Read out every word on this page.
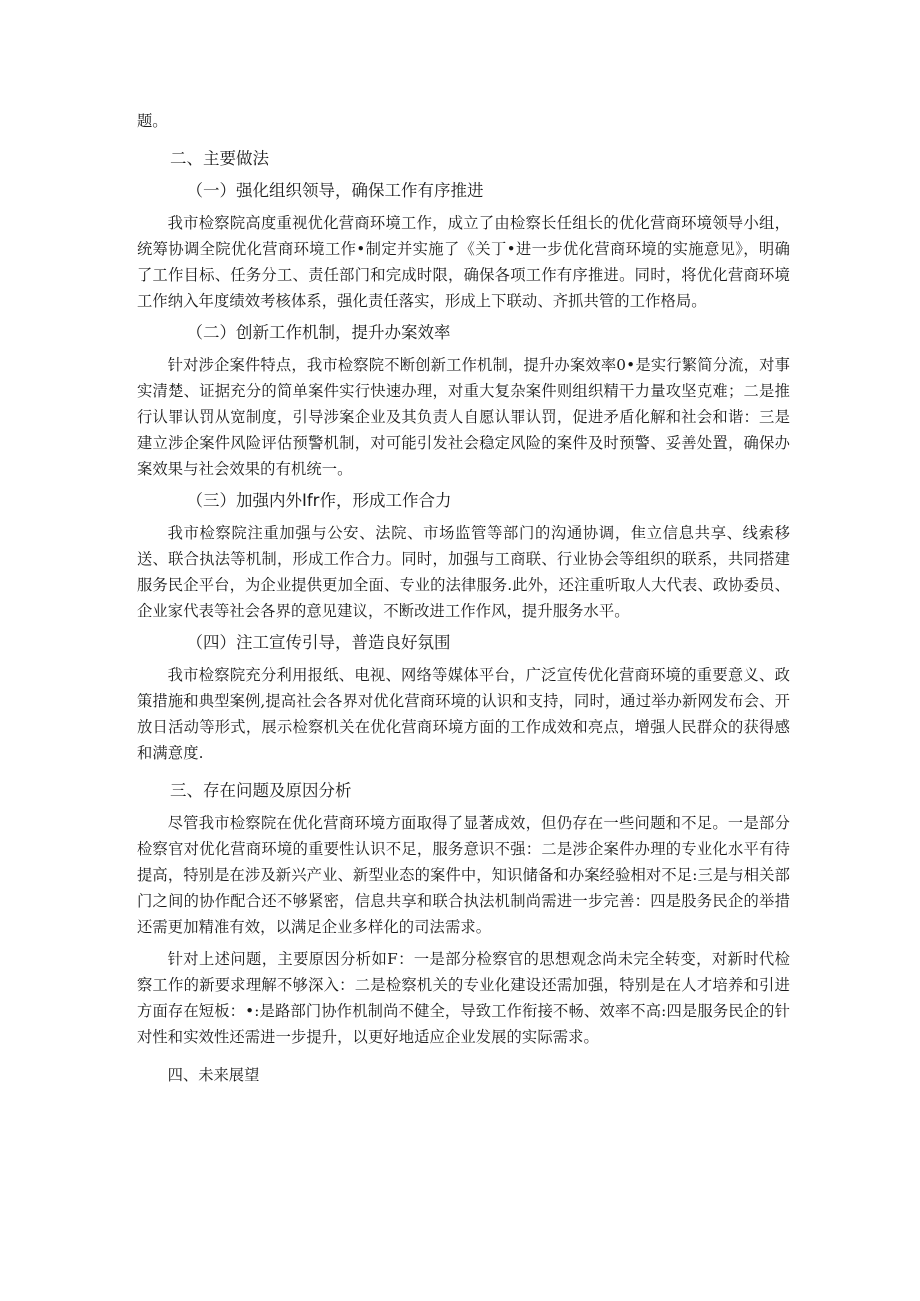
题。

二、主要做法

（一）强化组织领导，确保工作有序推进

我市检察院高度重视优化营商环境工作，成立了由检察长任组长的优化营商环境领导小组，统筹协调全院优化营商环境工作•制定并实施了《关丁•进一步优化营商环境的实施意见》，明确了工作目标、任务分工、责任部门和完成时限，确保各项工作有序推进。同时，将优化营商环境工作纳入年度绩效考核体系，强化责任落实，形成上下联动、齐抓共管的工作格局。

（二）创新工作机制，提升办案效率

针对涉企案件特点，我市检察院不断创新工作机制，提升办案效率0•是实行繁简分流，对事实清楚、证据充分的简单案件实行快速办理，对重大复杂案件则组织精干力量攻坚克难；二是推行认罪认罚从宽制度，引导涉案企业及其负责人自愿认罪认罚，促进矛盾化解和社会和谐：三是建立涉企案件风险评估预警机制，对可能引发社会稳定风险的案件及时预警、妥善处置，确保办案效果与社会效果的有机统一。

（三）加强内外Ifr作，形成工作合力

我市检察院注重加强与公安、法院、市场监管等部门的沟通协调，隹立信息共享、线索移送、联合执法等机制，形成工作合力。同时，加强与工商联、行业协会等组织的联系，共同搭建服务民企平台，为企业提供更加全面、专业的法律服务.此外，还注重听取人大代表、政协委员、企业家代表等社会各界的意见建议，不断改进工作作风，提升服务水平。

（四）注工宣传引导，普造良好氛围

我市检察院充分利用报纸、电视、网络等媒体平台，广泛宣传优化营商环境的重要意义、政策措施和典型案例,提高社会各界对优化营商环境的认识和支持，同时，通过举办新网发布会、开放日活动等形式，展示检察机关在优化营商环境方面的工作成效和亮点，增强人民群众的获得感和满意度.

三、存在问题及原因分析

尽管我市检察院在优化营商环境方面取得了显著成效，但仍存在一些问题和不足。一是部分检察官对优化营商环境的重要性认识不足，服务意识不强：二是涉企案件办理的专业化水平有待提高，特别是在涉及新兴产业、新型业态的案件中，知识储备和办案经验相对不足:三是与相关部门之间的协作配合还不够紧密，信息共享和联合执法机制尚需进一步完善：四是股务民企的举措还需更加精准有效，以满足企业多样化的司法需求。

针对上述问题，主要原因分析如F：一是部分检察官的思想观念尚未完全转变，对新时代检察工作的新要求理解不够深入：二是检察机关的专业化建设还需加强，特别是在人才培养和引进方面存在短板：•:是路部门协作机制尚不健全，导致工作衔接不畅、效率不高:四是服务民企的针对性和实效性还需进一步提升，以更好地适应企业发展的实际需求。

四、未来展望
